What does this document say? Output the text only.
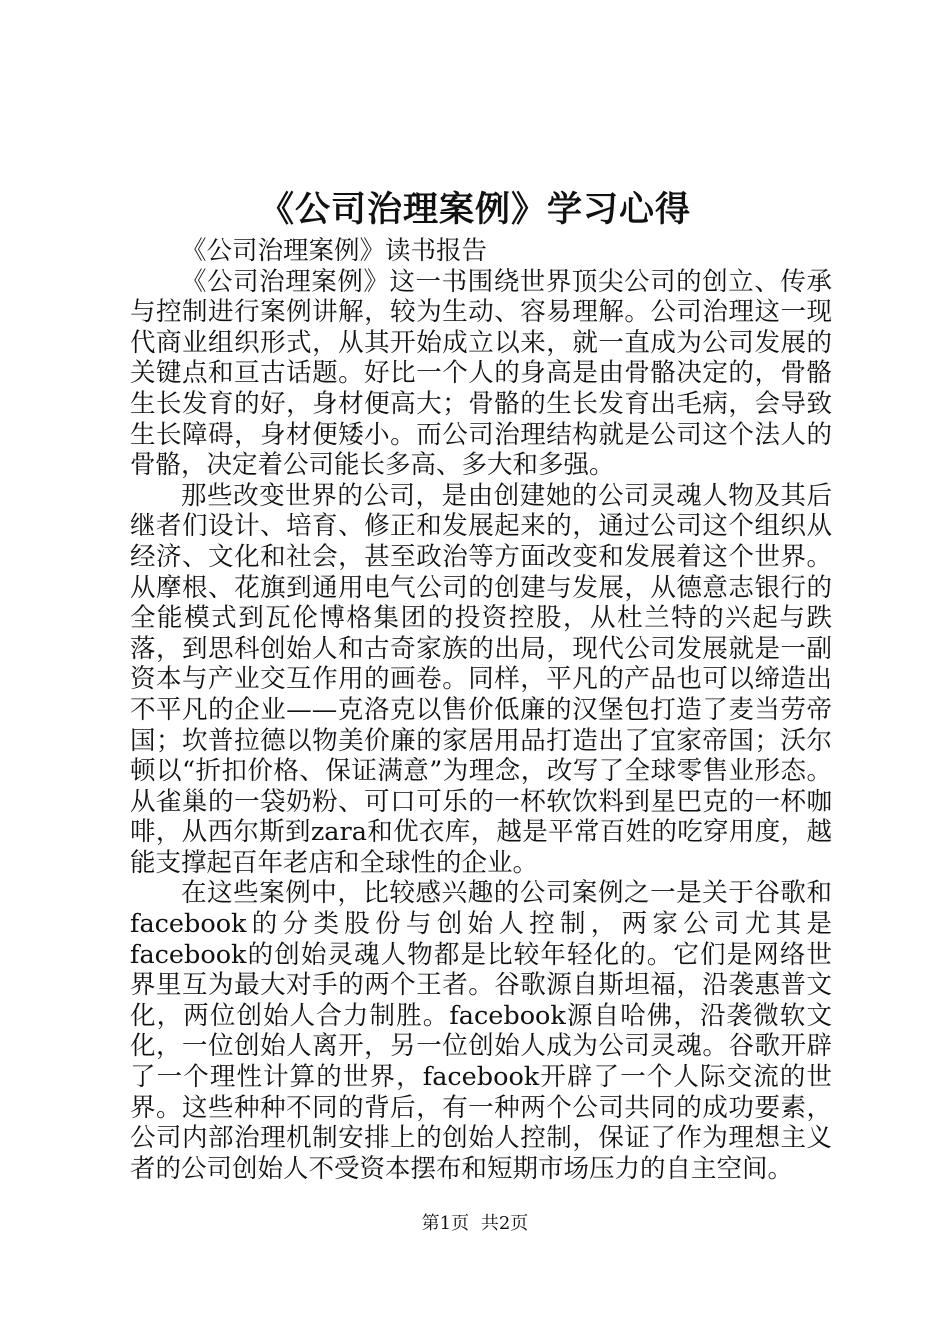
《公司治理案例》学习心得

《公司治理案例》读书报告

《公司治理案例》这一书围绕世界顶尖公司的创立、传承与控制进行案例讲解，较为生动、容易理解。公司治理这一现代商业组织形式，从其开始成立以来，就一直成为公司发展的关键点和亘古话题。好比一个人的身高是由骨骼决定的，骨骼生长发育的好，身材便高大；骨骼的生长发育出毛病，会导致生长障碍，身材便矮小。而公司治理结构就是公司这个法人的骨骼，决定着公司能长多高、多大和多强。

那些改变世界的公司，是由创建她的公司灵魂人物及其后继者们设计、培育、修正和发展起来的，通过公司这个组织从经济、文化和社会，甚至政治等方面改变和发展着这个世界。从摩根、花旗到通用电气公司的创建与发展，从德意志银行的全能模式到瓦伦博格集团的投资控股，从杜兰特的兴起与跌落，到思科创始人和古奇家族的出局，现代公司发展就是一副资本与产业交互作用的画卷。同样，平凡的产品也可以缔造出不平凡的企业——克洛克以售价低廉的汉堡包打造了麦当劳帝国；坎普拉德以物美价廉的家居用品打造出了宜家帝国；沃尔顿以“折扣价格、保证满意”为理念，改写了全球零售业形态。从雀巢的一袋奶粉、可口可乐的一杯软饮料到星巴克的一杯咖啡，从西尔斯到zara和优衣库，越是平常百姓的吃穿用度，越能支撑起百年老店和全球性的企业。

在这些案例中，比较感兴趣的公司案例之一是关于谷歌和facebook的分类股份与创始人控制，两家公司尤其是facebook的创始灵魂人物都是比较年轻化的。它们是网络世界里互为最大对手的两个王者。谷歌源自斯坦福，沿袭惠普文化，两位创始人合力制胜。facebook源自哈佛，沿袭微软文化，一位创始人离开，另一位创始人成为公司灵魂。谷歌开辟了一个理性计算的世界，facebook开辟了一个人际交流的世界。这些种种不同的背后，有一种两个公司共同的成功要素，公司内部治理机制安排上的创始人控制，保证了作为理想主义者的公司创始人不受资本摆布和短期市场压力的自主空间。

第1页 共2页
